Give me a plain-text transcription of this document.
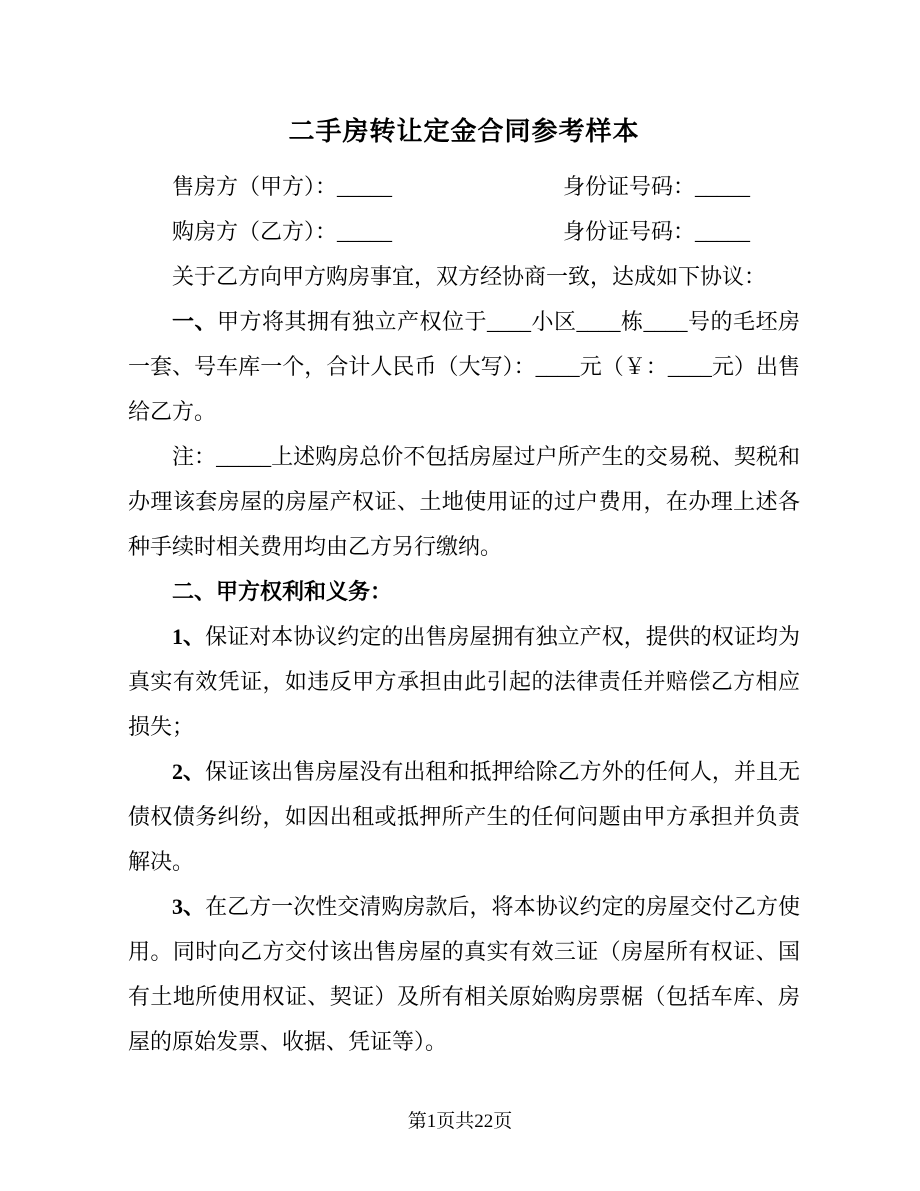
二手房转让定金合同参考样本
售房方（甲方）：_____	身份证号码：_____
购房方（乙方）：_____	身份证号码：_____

关于乙方向甲方购房事宜，双方经协商一致，达成如下协议：

一、甲方将其拥有独立产权位于____小区____栋____号的毛坯房一套、号车库一个，合计人民币（大写）：____元（￥：____元）出售给乙方。

注：_____上述购房总价不包括房屋过户所产生的交易税、契税和办理该套房屋的房屋产权证、土地使用证的过户费用，在办理上述各种手续时相关费用均由乙方另行缴纳。

二、甲方权利和义务：

1、保证对本协议约定的出售房屋拥有独立产权，提供的权证均为真实有效凭证，如违反甲方承担由此引起的法律责任并赔偿乙方相应损失；

2、保证该出售房屋没有出租和抵押给除乙方外的任何人，并且无债权债务纠纷，如因出租或抵押所产生的任何问题由甲方承担并负责解决。

3、在乙方一次性交清购房款后，将本协议约定的房屋交付乙方使用。同时向乙方交付该出售房屋的真实有效三证（房屋所有权证、国有土地所使用权证、契证）及所有相关原始购房票椐（包括车库、房屋的原始发票、收据、凭证等）。

第1页共22页
